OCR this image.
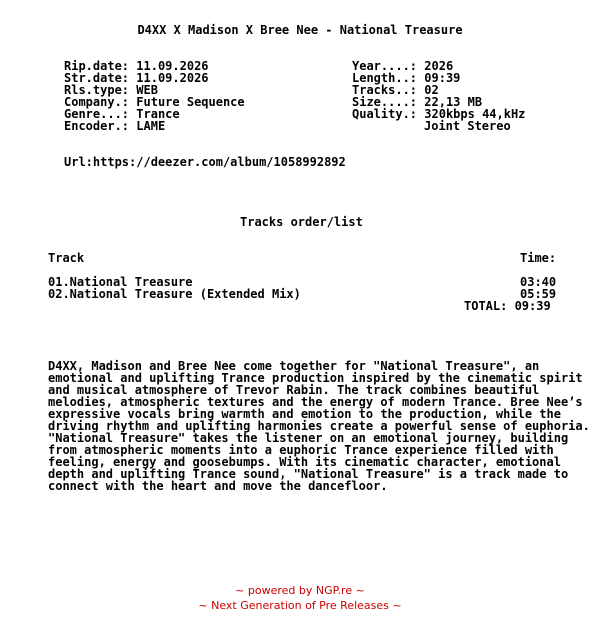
D4XX X Madison X Bree Nee - National Treasure
Rip.date: 11.09.2026
Str.date: 11.09.2026
Rls.type: WEB
Company.: Future Sequence
Genre...: Trance
Encoder.: LAME
Year....: 2026
Length..: 09:39
Tracks..: 02
Size....: 22,13 MB
Quality.: 320kbps 44,kHz
Joint Stereo
Url:https://deezer.com/album/1058992892
Tracks order/list
Track	Time:
01.National Treasure	03:40
02.National Treasure (Extended Mix)	05:59
TOTAL: 09:39
D4XX, Madison and Bree Nee come together for "National Treasure", an emotional and uplifting Trance production inspired by the cinematic spirit and musical atmosphere of Trevor Rabin. The track combines beautiful melodies, atmospheric textures and the energy of modern Trance. Bree Nee’s expressive vocals bring warmth and emotion to the production, while the driving rhythm and uplifting harmonies create a powerful sense of euphoria. "National Treasure" takes the listener on an emotional journey, building from atmospheric moments into a euphoric Trance experience filled with feeling, energy and goosebumps. With its cinematic character, emotional depth and uplifting Trance sound, "National Treasure" is a track made to connect with the heart and move the dancefloor.
~ powered by NGP.re ~
~ Next Generation of Pre Releases ~
